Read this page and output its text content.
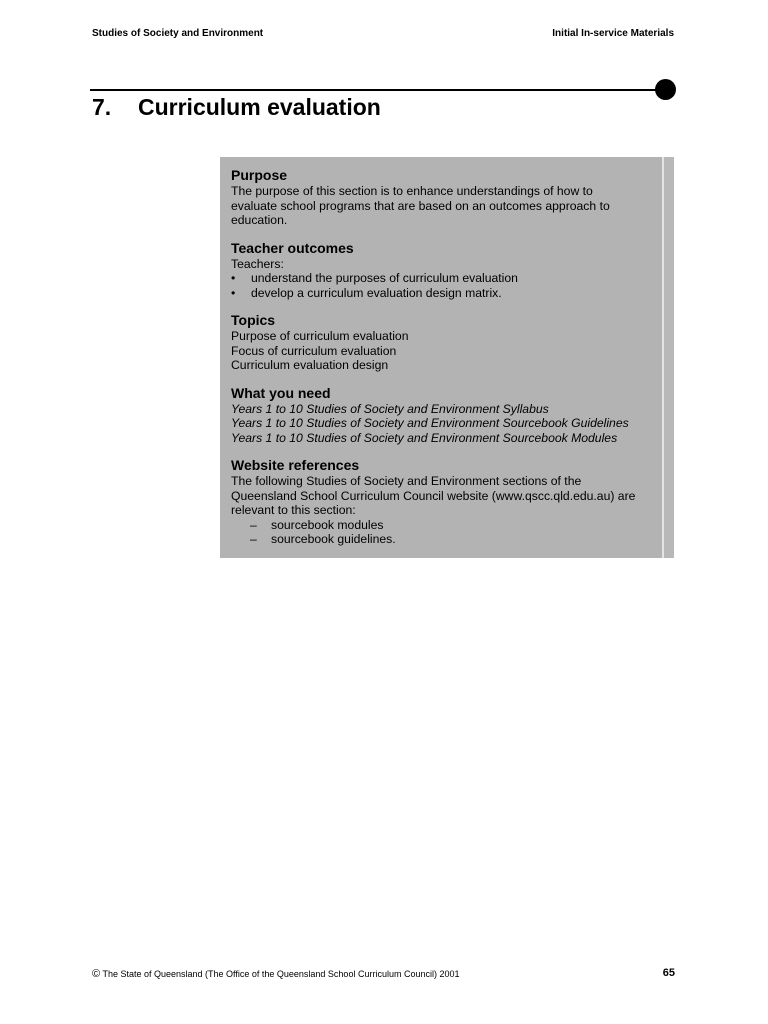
Studies of Society and Environment	Initial In-service Materials
7.	Curriculum evaluation
Purpose

The purpose of this section is to enhance understandings of how to

evaluate school programs that are based on an outcomes approach to

education.

Teacher outcomes

Teachers:

•	understand the purposes of curriculum evaluation
•	develop a curriculum evaluation design matrix.
Topics

Purpose of curriculum evaluation

Focus of curriculum evaluation

Curriculum evaluation design

What you need

Years 1 to 10 Studies of Society and Environment Syllabus

Years 1 to 10 Studies of Society and Environment Sourcebook Guidelines

Years 1 to 10 Studies of Society and Environment Sourcebook Modules

Website references

The following Studies of Society and Environment sections of the

Queensland School Curriculum Council website (www.qscc.qld.edu.au) are

relevant to this section:

–	sourcebook modules
–	sourcebook guidelines.
© The State of Queensland (The Office of the Queensland School Curriculum Council) 2001	65
